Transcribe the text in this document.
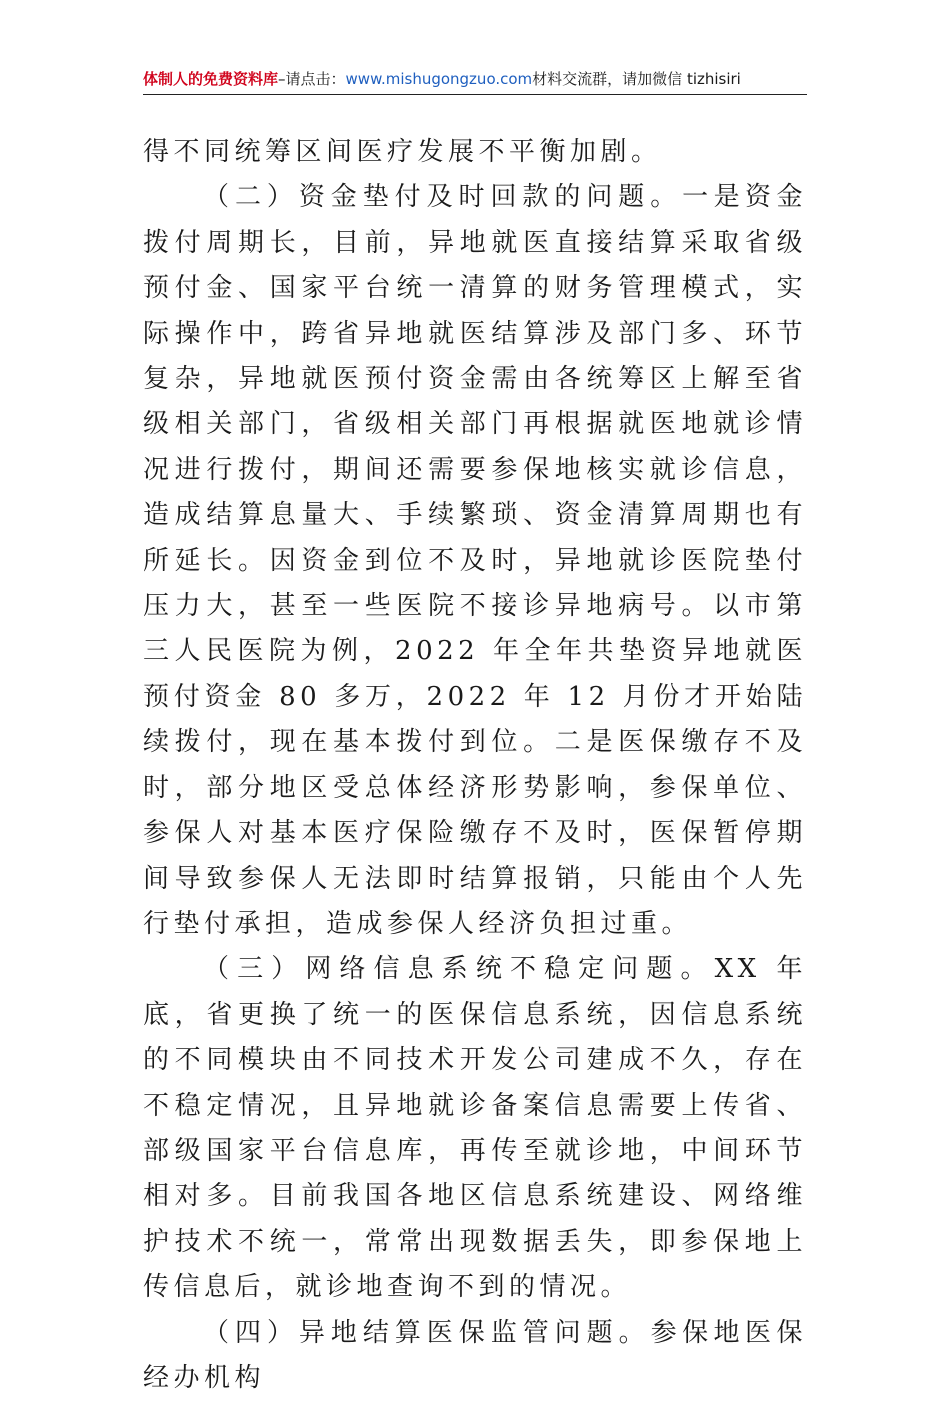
体制人的免费资料库–请点击：www.mishugongzuo.com材料交流群，请加微信 tizhisiri

得不同统筹区间医疗发展不平衡加剧。

（二）资金垫付及时回款的问题。一是资金拨付周期长，目前，异地就医直接结算采取省级预付金、国家平台统一清算的财务管理模式，实际操作中，跨省异地就医结算涉及部门多、环节复杂，异地就医预付资金需由各统筹区上解至省级相关部门，省级相关部门再根据就医地就诊情况进行拨付，期间还需要参保地核实就诊信息，造成结算息量大、手续繁琐、资金清算周期也有所延长。因资金到位不及时，异地就诊医院垫付压力大，甚至一些医院不接诊异地病号。以市第三人民医院为例，2022 年全年共垫资异地就医预付资金 80 多万，2022 年 12 月份才开始陆续拨付，现在基本拨付到位。二是医保缴存不及时，部分地区受总体经济形势影响，参保单位、参保人对基本医疗保险缴存不及时，医保暂停期间导致参保人无法即时结算报销，只能由个人先行垫付承担，造成参保人经济负担过重。

（三）网络信息系统不稳定问题。XX 年底，省更换了统一的医保信息系统，因信息系统的不同模块由不同技术开发公司建成不久，存在不稳定情况，且异地就诊备案信息需要上传省、部级国家平台信息库，再传至就诊地，中间环节相对多。目前我国各地区信息系统建设、网络维护技术不统一，常常出现数据丢失，即参保地上传信息后，就诊地查询不到的情况。

（四）异地结算医保监管问题。参保地医保经办机构
